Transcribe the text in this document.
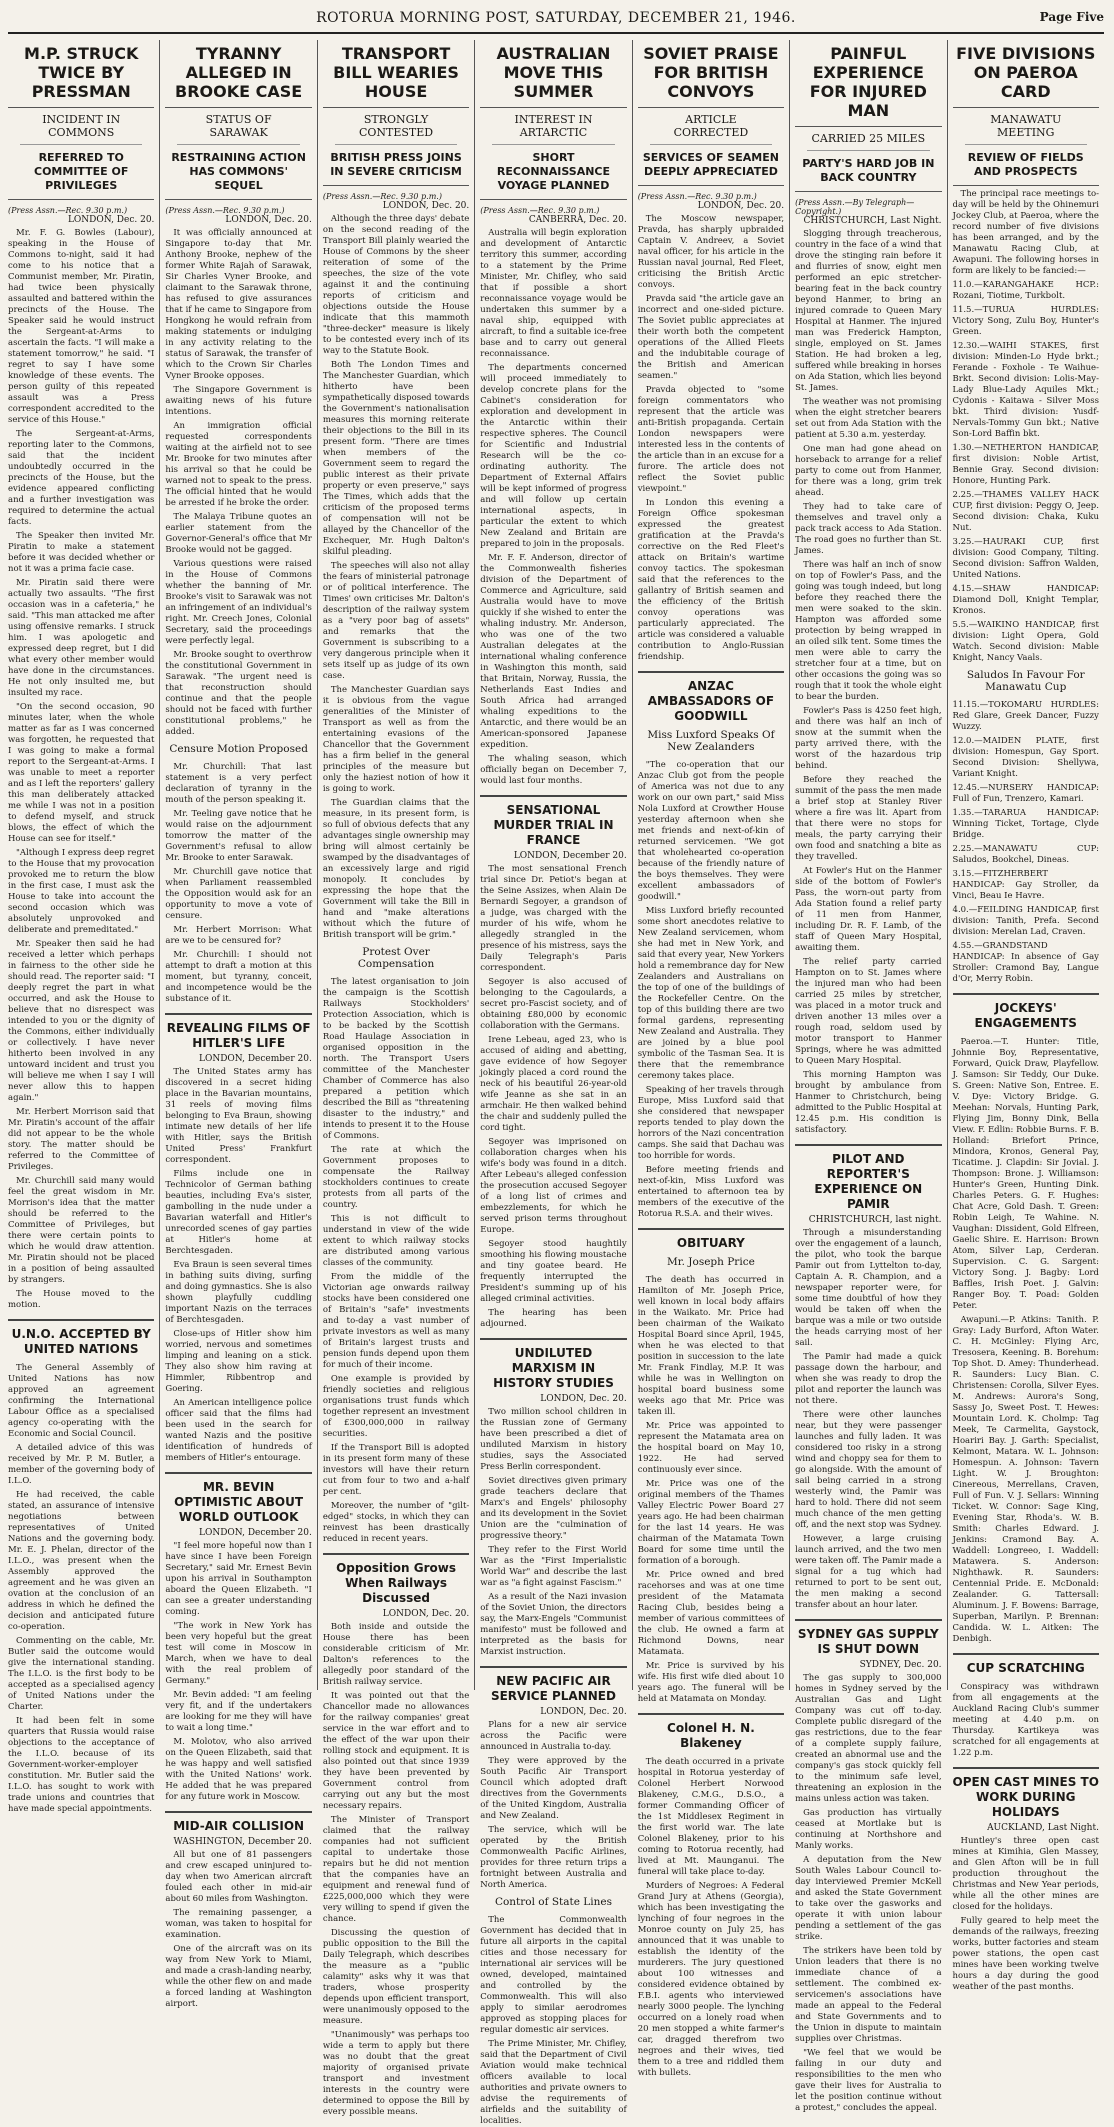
ROTORUA MORNING POST, SATURDAY, DECEMBER 21, 1946.	Page Five
M.P. STRUCK TWICE BY PRESSMAN
INCIDENT IN COMMONS
REFERRED TO COMMITTEE OF PRIVILEGES
(Press Assn.—Rec. 9.30 p.m.)
LONDON, Dec. 20.

Mr. F. G. Bowles (Labour), speaking in the House of Commons to-night, said it had come to his notice that a Communist member, Mr. Piratin, had twice been physically assaulted and battered within the precincts of the House. The Speaker said he would instruct the Sergeant-at-Arms to ascertain the facts. "I will make a statement tomorrow," he said. "I regret to say I have some knowledge of these events. The person guilty of this repeated assault was a Press correspondent accredited to the service of this House."

The Sergeant-at-Arms, reporting later to the Commons, said that the incident undoubtedly occurred in the precincts of the House, but the evidence appeared conflicting and a further investigation was required to determine the actual facts.

The Speaker then invited Mr. Piratin to make a statement before it was decided whether or not it was a prima facie case.

Mr. Piratin said there were actually two assaults. "The first occasion was in a cafeteria," he said. "This man attacked me after using offensive remarks. I struck him. I was apologetic and expressed deep regret, but I did what every other member would have done in the circumstances. He not only insulted me, but insulted my race.

"On the second occasion, 90 minutes later, when the whole matter as far as I was concerned was forgotten, he requested that I was going to make a formal report to the Sergeant-at-Arms. I was unable to meet a reporter and as I left the reporters' gallery this man deliberately attacked me while I was not in a position to defend myself, and struck blows, the effect of which the House can see for itself."

"Although I express deep regret to the House that my provocation provoked me to return the blow in the first case, I must ask the House to take into account the second occasion which was absolutely unprovoked and deliberate and premeditated."

Mr. Speaker then said he had received a letter which perhaps in fairness to the other side he should read. The reporter said: "I deeply regret the part in what occurred, and ask the House to believe that no disrespect was intended to you or the dignity of the Commons, either individually or collectively. I have never hitherto been involved in any untoward incident and trust you will believe me when I say I will never allow this to happen again."

Mr. Herbert Morrison said that Mr. Piratin's account of the affair did not appear to be the whole story. The matter should be referred to the Committee of Privileges.

Mr. Churchill said many would feel the great wisdom in Mr. Morrison's idea that the matter should be referred to the Committee of Privileges, but there were certain points to which he would draw attention. Mr. Piratin should not be placed in a position of being assaulted by strangers.

The House moved to the motion.

U.N.O. ACCEPTED BY UNITED NATIONS

The General Assembly of United Nations has now approved an agreement confirming the International Labour Office as a specialised agency co-operating with the Economic and Social Council.

A detailed advice of this was received by Mr. P. M. Butler, a member of the governing body of I.L.O.

He had received, the cable stated, an assurance of intensive negotiations between representatives of United Nations and the governing body. Mr. E. J. Phelan, director of the I.L.O., was present when the Assembly approved the agreement and he was given an ovation at the conclusion of an address in which he defined the decision and anticipated future co-operation.

Commenting on the cable, Mr. Butler said the outcome would give the international standing. The I.L.O. is the first body to be accepted as a specialised agency of United Nations under the Charter.

It had been felt in some quarters that Russia would raise objections to the acceptance of the I.L.O. because of its Government-worker-employer constitution. Mr. Butler said the I.L.O. has sought to work with trade unions and countries that have made special appointments.

TYRANNY ALLEGED IN BROOKE CASE
STATUS OF SARAWAK
RESTRAINING ACTION HAS COMMONS' SEQUEL
(Press Assn.—Rec. 9.30 p.m.)
LONDON, Dec. 20.

It was officially announced at Singapore to-day that Mr. Anthony Brooke, nephew of the former White Rajah of Sarawak, Sir Charles Vyner Brooke, and claimant to the Sarawak throne, has refused to give assurances that if he came to Singapore from Hongkong he would refrain from making statements or indulging in any activity relating to the status of Sarawak, the transfer of which to the Crown Sir Charles Vyner Brooke opposes.

The Singapore Government is awaiting news of his future intentions.

An immigration official requested correspondents waiting at the airfield not to see Mr. Brooke for two minutes after his arrival so that he could be warned not to speak to the press. The official hinted that he would be arrested if he broke the order.

The Malaya Tribune quotes an earlier statement from the Governor-General's office that Mr Brooke would not be gagged.

Various questions were raised in the House of Commons whether the banning of Mr. Brooke's visit to Sarawak was not an infringement of an individual's right. Mr. Creech Jones, Colonial Secretary, said the proceedings were perfectly legal.

Mr. Brooke sought to overthrow the constitutional Government in Sarawak. "The urgent need is that reconstruction should continue and that the people should not be faced with further constitutional problems," he added.

Censure Motion Proposed

Mr. Churchill: That last statement is a very perfect declaration of tyranny in the mouth of the person speaking it.

Mr. Teeling gave notice that he would raise on the adjournment tomorrow the matter of the Government's refusal to allow Mr. Brooke to enter Sarawak.

Mr. Churchill gave notice that when Parliament reassembled the Opposition would ask for an opportunity to move a vote of censure.

Mr. Herbert Morrison: What are we to be censured for?

Mr. Churchill: I should not attempt to draft a motion at this moment, but tyranny, conceit, and incompetence would be the substance of it.

REVEALING FILMS OF HITLER'S LIFE
LONDON, December 20.

The United States army has discovered in a secret hiding place in the Bavarian mountains, 31 reels of moving films belonging to Eva Braun, showing intimate new details of her life with Hitler, says the British United Press' Frankfurt correspondent.

Films include one in Technicolor of German bathing beauties, including Eva's sister, gambolling in the nude under a Bavarian waterfall and Hitler's unrecorded scenes of gay parties at Hitler's home at Berchtesgaden.

Eva Braun is seen several times in bathing suits diving, surfing and doing gymnastics. She is also shown playfully cuddling important Nazis on the terraces of Berchtesgaden.

Close-ups of Hitler show him worried, nervous and sometimes limping and leaning on a stick. They also show him raving at Himmler, Ribbentrop and Goering.

An American intelligence police officer said that the films had been used in the search for wanted Nazis and the positive identification of hundreds of members of Hitler's entourage.

MR. BEVIN OPTIMISTIC ABOUT WORLD OUTLOOK
LONDON, December 20.

"I feel more hopeful now than I have since I have been Foreign Secretary," said Mr. Ernest Bevin upon his arrival in Southampton aboard the Queen Elizabeth. "I can see a greater understanding coming.

"The work in New York has been very hopeful but the great test will come in Moscow in March, when we have to deal with the real problem of Germany."

Mr. Bevin added: "I am feeling very fit, and if the undertakers are looking for me they will have to wait a long time."

M. Molotov, who also arrived on the Queen Elizabeth, said that he was happy and well satisfied with the United Nations' work. He added that he was prepared for any future work in Moscow.

MID-AIR COLLISION
WASHINGTON, December 20.

All but one of 81 passengers and crew escaped uninjured to-day when two American aircraft fouled each other in mid-air about 60 miles from Washington.

The remaining passenger, a woman, was taken to hospital for examination.

One of the aircraft was on its way from New York to Miami, and made a crash-landing nearby, while the other flew on and made a forced landing at Washington airport.

TRANSPORT BILL WEARIES HOUSE
STRONGLY CONTESTED
BRITISH PRESS JOINS IN SEVERE CRITICISM
(Press Assn.—Rec. 9.30 p.m.)
LONDON, Dec. 20.

Although the three days' debate on the second reading of the Transport Bill plainly wearied the House of Commons by the sheer reiteration of some of the speeches, the size of the vote against it and the continuing reports of criticism and objections outside the House indicate that this mammoth "three-decker" measure is likely to be contested every inch of its way to the Statute Book.

Both The London Times and The Manchester Guardian, which hitherto have been sympathetically disposed towards the Government's nationalisation measures this morning reiterate their objections to the Bill in its present form. "There are times when members of the Government seem to regard the public interest as their private property or even preserve," says The Times, which adds that the criticism of the proposed terms of compensation will not be allayed by the Chancellor of the Exchequer, Mr. Hugh Dalton's skilful pleading.

The speeches will also not allay the fears of ministerial patronage or of political interference. The Times' own criticises Mr. Dalton's description of the railway system as a "very poor bag of assets" and remarks that the Government is subscribing to a very dangerous principle when it sets itself up as judge of its own case.

The Manchester Guardian says it is obvious from the vague generalities of the Minister of Transport as well as from the entertaining evasions of the Chancellor that the Government has a firm belief in the general principles of the measure but only the haziest notion of how it is going to work.

The Guardian claims that the measure, in its present form, is so full of obvious defects that any advantages single ownership may bring will almost certainly be swamped by the disadvantages of an excessively large and rigid monopoly. It concludes by expressing the hope that the Government will take the Bill in hand and "make alterations without which the future of British transport will be grim."

Protest Over Compensation

The latest organisation to join the campaign is the Scottish Railways Stockholders' Protection Association, which is to be backed by the Scottish Road Haulage Association in organised opposition in the north. The Transport Users committee of the Manchester Chamber of Commerce has also prepared a petition which described the Bill as "threatening disaster to the industry," and intends to present it to the House of Commons.

The rate at which the Government proposes to compensate the Railway stockholders continues to create protests from all parts of the country.

This is not difficult to understand in view of the wide extent to which railway stocks are distributed among various classes of the community.

From the middle of the Victorian age onwards railway stocks have been considered one of Britain's "safe" investments and to-day a vast number of private investors as well as many of Britain's largest trusts and pension funds depend upon them for much of their income.

One example is provided by friendly societies and religious organisations trust funds which together represent an investment of £300,000,000 in railway securities.

If the Transport Bill is adopted in its present form many of these investors will have their return cut from four to two and a-half per cent.

Moreover, the number of "gilt-edged" stocks, in which they can reinvest has been drastically reduced in recent years.

Opposition Grows When Railways Discussed
LONDON, Dec. 20.

Both inside and outside the House there has been considerable criticism of Mr. Dalton's references to the allegedly poor standard of the British railway service.

It was pointed out that the Chancellor made no allowances for the railway companies' great service in the war effort and to the effect of the war upon their rolling stock and equipment. It is also pointed out that since 1939 they have been prevented by Government control from carrying out any but the most necessary repairs.

The Minister of Transport claimed that the railway companies had not sufficient capital to undertake those repairs but he did not mention that the companies have an equipment and renewal fund of £225,000,000 which they were very willing to spend if given the chance.

Discussing the question of public opposition to the Bill the Daily Telegraph, which describes the measure as a "public calamity" asks why it was that traders, whose prosperity depends upon efficient transport, were unanimously opposed to the measure.

"Unanimously" was perhaps too wide a term to apply but there was no doubt that the great majority of organised private transport and investment interests in the country were determined to oppose the Bill by every possible means.

AUSTRALIAN MOVE THIS SUMMER
INTEREST IN ARTARCTIC
SHORT RECONNAISSANCE VOYAGE PLANNED
(Press Assn.—Rec. 9.30 p.m.)
CANBERRA, Dec. 20.

Australia will begin exploration and development of Antarctic territory this summer, according to a statement by the Prime Minister, Mr. Chifley, who said that if possible a short reconnaissance voyage would be undertaken this summer by a naval ship, equipped with aircraft, to find a suitable ice-free base and to carry out general reconnaissance.

The departments concerned will proceed immediately to develop concrete plans for the Cabinet's consideration for exploration and development in the Antarctic within their respective spheres. The Council for Scientific and Industrial Research will be the co-ordinating authority. The Department of External Affairs will be kept informed of progress and will follow up certain international aspects, in particular the extent to which New Zealand and Britain are prepared to join in the proposals.

Mr. F. F. Anderson, director of the Commonwealth fisheries division of the Department of Commerce and Agriculture, said Australia would have to move quickly if she wished to enter the whaling industry. Mr. Anderson, who was one of the two Australian delegates at the international whaling conference in Washington this month, said that Britain, Norway, Russia, the Netherlands East Indies and South Africa had arranged whaling expeditions to the Antarctic, and there would be an American-sponsored Japanese expedition.

The whaling season, which officially began on December 7, would last four months.

SENSATIONAL MURDER TRIAL IN FRANCE
LONDON, December 20.

The most sensational French trial since Dr. Petiot's began at the Seine Assizes, when Alain De Bernardi Segoyer, a grandson of a judge, was charged with the murder of his wife, whom he allegedly strangled in the presence of his mistress, says the Daily Telegraph's Paris correspondent.

Segoyer is also accused of belonging to the Cagoulards, a secret pro-Fascist society, and of obtaining £80,000 by economic collaboration with the Germans.

Irene Lebeau, aged 23, who is accused of aiding and abetting, gave evidence of how Segoyer jokingly placed a cord round the neck of his beautiful 26-year-old wife Jeanne as she sat in an armchair. He then walked behind the chair and suddenly pulled the cord tight.

Segoyer was imprisoned on collaboration charges when his wife's body was found in a ditch. After Lebeau's alleged confession the prosecution accused Segoyer of a long list of crimes and embezzlements, for which he served prison terms throughout Europe.

Segoyer stood haughtily smoothing his flowing moustache and tiny goatee beard. He frequently interrupted the President's summing up of his alleged criminal activities.

The hearing has been adjourned.

UNDILUTED MARXISM IN HISTORY STUDIES
LONDON, Dec. 20.

Two million school children in the Russian zone of Germany have been prescribed a diet of undiluted Marxism in history studies, says the Associated Press Berlin correspondent.

Soviet directives given primary grade teachers declare that Marx's and Engels' philosophy and its development in the Soviet Union are the "culmination of progressive theory."

They refer to the First World War as the "First Imperialistic World War" and describe the last war as "a fight against Fascism."

As a result of the Nazi invasion of the Soviet Union, the directors say, the Marx-Engels "Communist manifesto" must be followed and interpreted as the basis for Marxist instruction.

NEW PACIFIC AIR SERVICE PLANNED
LONDON, Dec. 20.

Plans for a new air service across the Pacific were announced in Australia to-day.

They were approved by the South Pacific Air Transport Council which adopted draft directives from the Governments of the United Kingdom, Australia and New Zealand.

The service, which will be operated by the British Commonwealth Pacific Airlines, provides for three return trips a fortnight between Australia and North America.

Control of State Lines

The Commonwealth Government has decided that in future all airports in the capital cities and those necessary for international air services will be owned, developed, maintained and controlled by the Commonwealth. This will also apply to similar aerodromes approved as stopping places for regular domestic air services.

The Prime Minister, Mr. Chifley, said that the Department of Civil Aviation would make technical officers available to local authorities and private owners to advise the requirements of airfields and the suitability of localities.

SOVIET PRAISE FOR BRITISH CONVOYS
ARTICLE CORRECTED
SERVICES OF SEAMEN DEEPLY APPRECIATED
(Press Assn.—Rec. 9.30 p.m.)
LONDON, Dec. 20.

The Moscow newspaper, Pravda, has sharply upbraided Captain V. Andreev, a Soviet naval officer, for his article in the Russian naval journal, Red Fleet, criticising the British Arctic convoys.

Pravda said "the article gave an incorrect and one-sided picture. The Soviet public appreciates at their worth both the competent operations of the Allied Fleets and the indubitable courage of the British and American seamen."

Pravda objected to "some foreign commentators who represent that the article was anti-British propaganda. Certain London newspapers were interested less in the contents of the article than in an excuse for a furore. The article does not reflect the Soviet public viewpoint."

In London this evening a Foreign Office spokesman expressed the greatest gratification at the Pravda's corrective on the Red Fleet's attack on Britain's wartime convoy tactics. The spokesman said that the references to the gallantry of British seamen and the efficiency of the British convoy operations was particularly appreciated. The article was considered a valuable contribution to Anglo-Russian friendship.

ANZAC AMBASSADORS OF GOODWILL
Miss Luxford Speaks Of New Zealanders

"The co-operation that our Anzac Club got from the people of America was not due to any work on our own part," said Miss Nola Luxford at Crowther House yesterday afternoon when she met friends and next-of-kin of returned servicemen. "We got that wholehearted co-operation because of the friendly nature of the boys themselves. They were excellent ambassadors of goodwill."

Miss Luxford briefly recounted some short anecdotes relative to New Zealand servicemen, whom she had met in New York, and said that every year, New Yorkers hold a remembrance day for New Zealanders and Australians on the top of one of the buildings of the Rockefeller Centre. On the top of this building there are two formal gardens, representing New Zealand and Australia. They are joined by a blue pool symbolic of the Tasman Sea. It is there that the remembrance ceremony takes place.

Speaking of her travels through Europe, Miss Luxford said that she considered that newspaper reports tended to play down the horrors of the Nazi concentration camps. She said that Dachau was too horrible for words.

Before meeting friends and next-of-kin, Miss Luxford was entertained to afternoon tea by members of the executive of the Rotorua R.S.A. and their wives.

OBITUARY
Mr. Joseph Price

The death has occurred in Hamilton of Mr. Joseph Price, well known in local body affairs in the Waikato. Mr. Price had been chairman of the Waikato Hospital Board since April, 1945, when he was elected to that position in succession to the late Mr. Frank Findlay, M.P. It was while he was in Wellington on hospital board business some weeks ago that Mr. Price was taken ill.

Mr. Price was appointed to represent the Matamata area on the hospital board on May 10, 1922. He had served continuously ever since.

Mr. Price was one of the original members of the Thames Valley Electric Power Board 27 years ago. He had been chairman for the last 14 years. He was chairman of the Matamata Town Board for some time until the formation of a borough.

Mr. Price owned and bred racehorses and was at one time president of the Matamata Racing Club, besides being a member of various committees of the club. He owned a farm at Richmond Downs, near Matamata.

Mr. Price is survived by his wife. His first wife died about 10 years ago. The funeral will be held at Matamata on Monday.

Colonel H. N. Blakeney

The death occurred in a private hospital in Rotorua yesterday of Colonel Herbert Norwood Blakeney, C.M.G., D.S.O., a former Commanding Officer of the 1st Middlesex Regiment in the first world war. The late Colonel Blakeney, prior to his coming to Rotorua recently, had lived at Mt. Maunganui. The funeral will take place to-day.

Murders of Negroes: A Federal Grand Jury at Athens (Georgia), which has been investigating the lynching of four negroes in the Monroe county on July 25, has announced that it was unable to establish the identity of the murderers. The jury questioned about 100 witnesses and considered evidence obtained by F.B.I. agents who interviewed nearly 3000 people. The lynching occurred on a lonely road when 20 men stopped a white farmer's car, dragged therefrom two negroes and their wives, tied them to a tree and riddled them with bullets.

PAINFUL EXPERIENCE FOR INJURED MAN
CARRIED 25 MILES
PARTY'S HARD JOB IN BACK COUNTRY
(Press Assn.—By Telegraph—Copyright.)
CHRISTCHURCH, Last Night.

Slogging through treacherous, country in the face of a wind that drove the stinging rain before it and flurries of snow, eight men performed an epic stretcher-bearing feat in the back country beyond Hanmer, to bring an injured comrade to Queen Mary Hospital at Hanmer. The injured man was Frederick Hampton, single, employed on St. James Station. He had broken a leg, suffered while breaking in horses on Ada Station, which lies beyond St. James.

The weather was not promising when the eight stretcher bearers set out from Ada Station with the patient at 5.30 a.m. yesterday.

One man had gone ahead on horseback to arrange for a relief party to come out from Hanmer, for there was a long, grim trek ahead.

They had to take care of themselves and travel only a pack track access to Ada Station. The road goes no further than St. James.

There was half an inch of snow on top of Fowler's Pass, and the going was tough indeed, but long before they reached there the men were soaked to the skin. Hampton was afforded some protection by being wrapped in an oiled silk tent. Some times the men were able to carry the stretcher four at a time, but on other occasions the going was so rough that it took the whole eight to bear the burden.

Fowler's Pass is 4250 feet high, and there was half an inch of snow at the summit when the party arrived there, with the worst of the hazardous trip behind.

Before they reached the summit of the pass the men made a brief stop at Stanley River where a fire was lit. Apart from that there were no stops for meals, the party carrying their own food and snatching a bite as they travelled.

At Fowler's Hut on the Hanmer side of the bottom of Fowler's Pass, the worn-out party from Ada Station found a relief party of 11 men from Hanmer, including Dr. R. F. Lamb, of the staff of Queen Mary Hospital, awaiting them.

The relief party carried Hampton on to St. James where the injured man who had been carried 25 miles by stretcher, was placed in a motor truck and driven another 13 miles over a rough road, seldom used by motor transport to Hanmer Springs, where he was admitted to Queen Mary Hospital.

This morning Hampton was brought by ambulance from Hanmer to Christchurch, being admitted to the Public Hospital at 12.45 p.m. His condition is satisfactory.

PILOT AND REPORTER'S EXPERIENCE ON PAMIR
CHRISTCHURCH, last night.

Through a misunderstanding over the engagement of a launch, the pilot, who took the barque Pamir out from Lyttelton to-day, Captain A. R. Champion, and a newspaper reporter were, for some time doubtful of how they would be taken off when the barque was a mile or two outside the heads carrying most of her sail.

The Pamir had made a quick passage down the harbour, and when she was ready to drop the pilot and reporter the launch was not there.

There were other launches near, but they were passenger launches and fully laden. It was considered too risky in a strong wind and choppy sea for them to go alongside. With the amount of sail being carried in a strong westerly wind, the Pamir was hard to hold. There did not seem much chance of the men getting off, and the next stop was Sydney.

However, a large cruising launch arrived, and the two men were taken off. The Pamir made a signal for a tug which had returned to port to be sent out, the men making a second transfer about an hour later.

SYDNEY GAS SUPPLY IS SHUT DOWN
SYDNEY, Dec. 20.

The gas supply to 300,000 homes in Sydney served by the Australian Gas and Light Company was cut off to-day. Complete public disregard of the gas restrictions, due to the fear of a complete supply failure, created an abnormal use and the company's gas stock quickly fell to the minimum safe level, threatening an explosion in the mains unless action was taken.

Gas production has virtually ceased at Mortlake but is continuing at Northshore and Manly works.

A deputation from the New South Wales Labour Council to-day interviewed Premier McKell and asked the State Government to take over the gasworks and operate it with union labour pending a settlement of the gas strike.

The strikers have been told by Union leaders that there is no immediate chance of a settlement. The combined ex-servicemen's associations have made an appeal to the Federal and State Governments and to the Union in dispute to maintain supplies over Christmas.

"We feel that we would be failing in our duty and responsibilities to the men who gave their lives for Australia to let the position continue without a protest," concludes the appeal.

FIVE DIVISIONS ON PAEROA CARD
MANAWATU MEETING
REVIEW OF FIELDS AND PROSPECTS

The principal race meetings to-day will be held by the Ohinemuri Jockey Club, at Paeroa, where the record number of five divisions has been arranged, and by the Manawatu Racing Club, at Awapuni. The following horses in form are likely to be fancied:—

11.0.—KARANGAHAKE HCP.: Rozani, Tiotime, Turkbolt.

11.5.—TURUA HURDLES: Victory Song, Zulu Boy, Hunter's Green.

12.30.—WAIHI STAKES, first division: Minden-Lo Hyde brkt.; Ferande - Foxhole - Te Waihue-Brkt. Second division: Lolis-May-Lady Blue-Lady Aquiles Mkt.; Cydonis - Kaitawa - Silver Moss bkt. Third division: Yusdf-Nervals-Tommy Gun bkt.; Native Son-Lord Baffin bkt.

1.30.—NETHERTON HANDICAP, first division: Noble Artist, Bennie Gray. Second division: Honore, Hunting Park.

2.25.—THAMES VALLEY HACK CUP, first division: Peggy O, Jeep. Second division: Chaka, Kuku Nut.

3.25.—HAURAKI CUP, first division: Good Company, Tilting. Second division: Saffron Walden, United Nations.

4.15.—SHAW HANDICAP: Diamond Doll, Knight Templar, Kronos.

5.5.—WAIKINO HANDICAP, first division: Light Opera, Gold Watch. Second division: Mable Knight, Nancy Vaals.

Saludos In Favour For Manawatu Cup

11.15.—TOKOMARU HURDLES: Red Glare, Greek Dancer, Fuzzy Wuzzy.

12.0.—MAIDEN PLATE, first division: Homespun, Gay Sport. Second Division: Shellywa, Variant Knight.

12.45.—NURSERY HANDICAP: Full of Fun, Trenzero, Kamari.

1.35.—TARARUA HANDICAP: Winning Ticket, Tortage, Clyde Bridge.

2.25.—MANAWATU CUP: Saludos, Bookchel, Dineas.

3.15.—FITZHERBERT HANDICAP: Gay Stroller, da Vinci, Beau Ie Havre.

4.0.—FEILDING HANDICAP, first division: Tanith, Prefa. Second division: Merelan Lad, Craven.

4.55.—GRANDSTAND HANDICAP: In absence of Gay Stroller: Cramond Bay, Langue d'Or, Merry Robin.

JOCKEYS' ENGAGEMENTS

Paeroa.—T. Hunter: Title, Johnnie Boy, Representative, Forward, Quick Draw, Playfellow. J. Samson: Sir Teddy, Our Duke. S. Green: Native Son, Entree. E. V. Dye: Victory Bridge. G. Meehan: Norvals, Hunting Park, Flying Jim, Bonny Dink, Bella View. F. Edlin: Robbie Burns. F. B. Holland: Briefort Prince, Mindora, Kronos, General Pay, Ticatime. J. Clapdin: Sir Jovial. J. Thompson: Brone. J. Williamson: Hunter's Green, Hunting Dink. Charles Peters. G. F. Hughes: Chat Acre, Gold Dash. T. Green: Robin Leigh, Te Wahine. N. Vaughan: Dissident, Gold Elfreen, Gaelic Shire. E. Harrison: Brown Atom, Silver Lap, Cerderan. Supervision. C. G. Sargent: Victory Song. J. Bagby: Lord Baffles, Irish Poet. J. Galvin: Ranger Boy. T. Poad: Golden Peter.

Awapuni.—P. Atkins: Tanith. P. Gray: Lady Burford, Afton Water. C. H. McGinley: Flying Arc, Tresosera, Keening. B. Borehum: Top Shot. D. Amey: Thunderhead. R. Saunders: Lucy Bian. C. Christensen: Corolla, Silver Eyes. M. Andrews: Aurora's Song, Sassy Jo, Sweet Post. T. Hewes: Mountain Lord. K. Cholmp: Tag Meek, Te Carmelita, Gaystock, Hoariri Bay. J. Garth: Specialist, Kelmont, Matara. W. L. Johnson: Homespun. A. Johnson: Tavern Light. W. J. Broughton: Cinereous, Merrellans, Craven, Full of Fun. V. J. Sellars: Winning Ticket. W. Connor: Sage King, Evening Star, Rhoda's. W. B. Smith: Charles Edward. J. Jenkins: Cramond Bay. A. Waddell: Longreeo, I. Waddell: Matawera. S. Anderson: Nighthawk. R. Saunders: Centennial Pride. E. McDonald: Zealander. G. Tattersall: Aluminum. J. F. Bowens: Barrage, Superban, Marilyn. P. Brennan: Candida. W. L. Aitken: The Denbigh.

CUP SCRATCHING

Conspiracy was withdrawn from all engagements at the Auckland Racing Club's summer meeting at 4.40 p.m. on Thursday. Kartikeya was scratched for all engagements at 1.22 p.m.

OPEN CAST MINES TO WORK DURING HOLIDAYS
AUCKLAND, Last Night.

Huntley's three open cast mines at Kimihia, Glen Massey, and Glen Afton will be in full production throughout the Christmas and New Year periods, while all the other mines are closed for the holidays.

Fully geared to help meet the demands of the railways, freezing works, butter factories and steam power stations, the open cast mines have been working twelve hours a day during the good weather of the past months.
